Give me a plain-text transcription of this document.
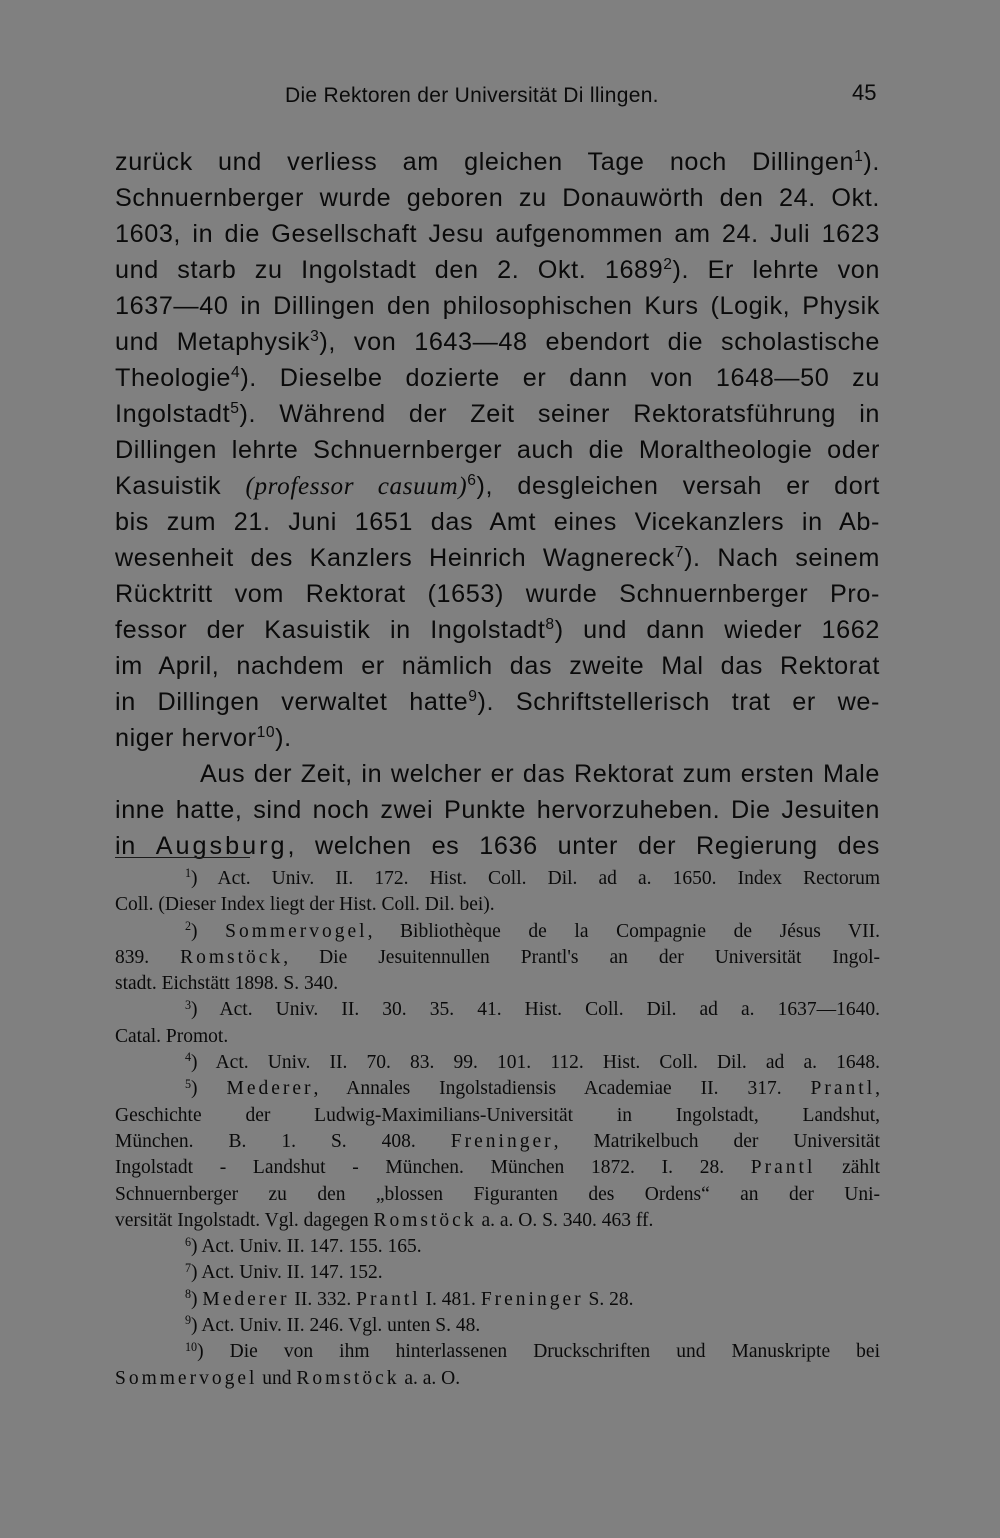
Die Rektoren der Universität Di llingen.	45
zurück und verliess am gleichen Tage noch Dillingen$^1$).
Schnuernberger wurde geboren zu Donauwörth den 24. Okt.
1603, in die Gesellschaft Jesu aufgenommen am 24. Juli 1623
und starb zu Ingolstadt den 2. Okt. 1689$^2$). Er lehrte von
1637—40 in Dillingen den philosophischen Kurs (Logik, Physik
und Metaphysik$^3$), von 1643—48 ebendort die scholastische
Theologie$^4$). Dieselbe dozierte er dann von 1648—50 zu
Ingolstadt$^5$). Während der Zeit seiner Rektoratsführung in
Dillingen lehrte Schnuernberger auch die Moraltheologie oder
Kasuistik (professor casuum)$^6$), desgleichen versah er dort
bis zum 21. Juni 1651 das Amt eines Vicekanzlers in Ab-
wesenheit des Kanzlers Heinrich Wagnereck$^7$). Nach seinem
Rücktritt vom Rektorat (1653) wurde Schnuernberger Pro-
fessor der Kasuistik in Ingolstadt$^8$) und dann wieder 1662
im April, nachdem er nämlich das zweite Mal das Rektorat
in Dillingen verwaltet hatte$^9$). Schriftstellerisch trat er we-
niger hervor$^{10}$).
Aus der Zeit, in welcher er das Rektorat zum ersten Male
inne hatte, sind noch zwei Punkte hervorzuheben. Die Jesuiten
in Augsburg, welchen es 1636 unter der Regierung des
$^1$) Act. Univ. II. 172. Hist. Coll. Dil. ad a. 1650. Index Rectorum
Coll. (Dieser Index liegt der Hist. Coll. Dil. bei).
$^2$) Sommervogel, Bibliothèque de la Compagnie de Jésus VII.
839. Romstöck, Die Jesuitennullen Prantl's an der Universität Ingol-
stadt. Eichstätt 1898. S. 340.
$^3$) Act. Univ. II. 30. 35. 41. Hist. Coll. Dil. ad a. 1637—1640.
Catal. Promot.
$^4$) Act. Univ. II. 70. 83. 99. 101. 112. Hist. Coll. Dil. ad a. 1648.
$^5$) Mederer, Annales Ingolstadiensis Academiae II. 317. Prantl,
Geschichte der Ludwig-Maximilians-Universität in Ingolstadt, Landshut,
München. B. 1. S. 408. Freninger, Matrikelbuch der Universität
Ingolstadt - Landshut - München. München 1872. I. 28. Prantl zählt
Schnuernberger zu den „blossen Figuranten des Ordens“ an der Uni-
versität Ingolstadt. Vgl. dagegen Romstöck a. a. O. S. 340. 463 ff.
$^6$) Act. Univ. II. 147. 155. 165.
$^7$) Act. Univ. II. 147. 152.
$^8$) Mederer II. 332. Prantl I. 481. Freninger S. 28.
$^9$) Act. Univ. II. 246. Vgl. unten S. 48.
$^{10}$) Die von ihm hinterlassenen Druckschriften und Manuskripte bei
Sommervogel und Romstöck a. a. O.
